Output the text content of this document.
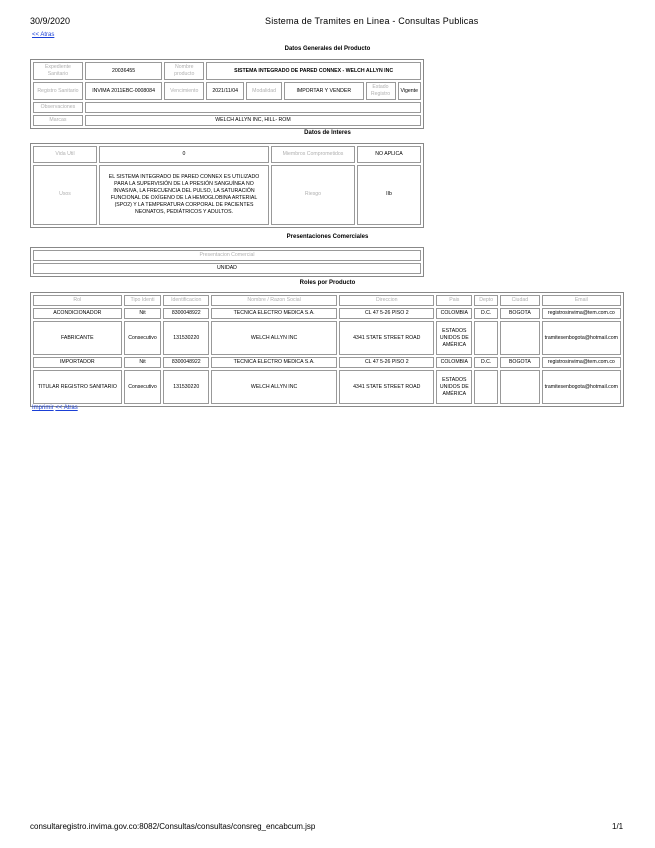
30/9/2020	Sistema de Tramites en Linea - Consultas Publicas
<< Atras
Datos Generales del Producto
Expediente Sanitario	20036455	Nombre producto	SISTEMA INTEGRADO DE PARED CONNEX - WELCH ALLYN INC				
Registro Sanitario	INVIMA 2011EBC-0008084	Vencimiento	2021/11/04	Modalidad	IMPORTAR Y VENDER	Estado Registro	Vigente
Observaciones							
Marcas	WELCH ALLYN INC, HILL- ROM						
Datos de Interes
Vida Util	0	Miembros Comprometidos	NO APLICA
Usos	EL SISTEMA INTEGRADO DE PARED CONNEX ES UTILIZADO PARA LA SUPERVISIÓN DE LA PRESIÓN SANGUÍNEA NO INVASIVA, LA FRECUENCIA DEL PULSO, LA SATURACIÓN FUNCIONAL DE OXÍGENO DE LA HEMOGLOBINA ARTERIAL (SPO2) Y LA TEMPERATURA CORPORAL DE PACIENTES NEONATOS, PEDIÁTRICOS Y ADULTOS.	Riesgo	IIb
Presentaciones Comerciales
Presentacion Comercial
UNIDAD
Roles por Producto
Rol	Tipo Identi	Identificacion	Nombre / Razon Social	Direccion	Pais	Depto	Ciudad	Email
ACONDICIONADOR	Nit	8300048922	TECNICA ELECTRO MEDICA S.A.	CL 47 5-26 PISO 2	COLOMBIA	D.C.	BOGOTA	registrosinvima@tem.com.co
FABRICANTE	Consecutivo	131530220	WELCH ALLYN INC	4341 STATE STREET ROAD	ESTADOS UNIDOS DE AMÉRICA			tramitesenbogota@hotmail.com
IMPORTADOR	Nit	8300048922	TECNICA ELECTRO MEDICA S.A.	CL 47 5-26 PISO 2	COLOMBIA	D.C.	BOGOTA	registrosinvima@tem.com.co
TITULAR REGISTRO SANITARIO	Consecutivo	131530220	WELCH ALLYN INC	4341 STATE STREET ROAD	ESTADOS UNIDOS DE AMÉRICA			tramitesenbogota@hotmail.com
Imprimir << Atras
consultaregistro.invima.gov.co:8082/Consultas/consultas/consreg_encabcum.jsp	1/1
